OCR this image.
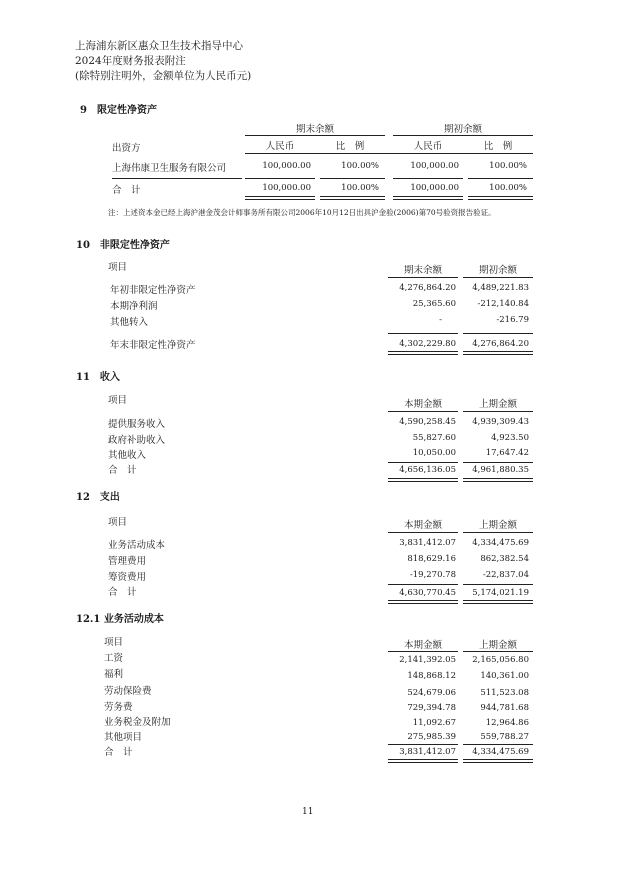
上海浦东新区惠众卫生技术指导中心
2024年度财务报表附注
(除特别注明外，金额单位为人民币元)
9　限定性净资产
期末余额	期初余额
出资方	人民币	比　例	人民币	比　例
上海伟康卫生服务有限公司	100,000.00	100.00%	100,000.00	100.00%
合　计	100,000.00	100.00%	100,000.00	100.00%
注：上述资本金已经上海沪港金茂会计师事务所有限公司2006年10月12日出具沪金验(2006)第70号验资报告验证。
10　非限定性净资产
项目	期末余额	期初余额
年初非限定性净资产	4,276,864.20	4,489,221.83
本期净利润	25,365.60	-212,140.84
其他转入	-	-216.79
年末非限定性净资产	4,302,229.80	4,276,864.20
11　收入
项目	本期金额	上期金额
提供服务收入	4,590,258.45	4,939,309.43
政府补助收入	55,827.60	4,923.50
其他收入	10,050.00	17,647.42
合　计	4,656,136.05	4,961,880.35
12　支出
项目	本期金额	上期金额
业务活动成本	3,831,412.07	4,334,475.69
管理费用	818,629.16	862,382.54
筹资费用	-19,270.78	-22,837.04
合　计	4,630,770.45	5,174,021.19
12.1 业务活动成本
项目	本期金额	上期金额
工资	2,141,392.05	2,165,056.80
福利	148,868.12	140,361.00
劳动保险费	524,679.06	511,523.08
劳务费	729,394.78	944,781.68
业务税金及附加	11,092.67	12,964.86
其他项目	275,985.39	559,788.27
合　计	3,831,412.07	4,334,475.69
11
